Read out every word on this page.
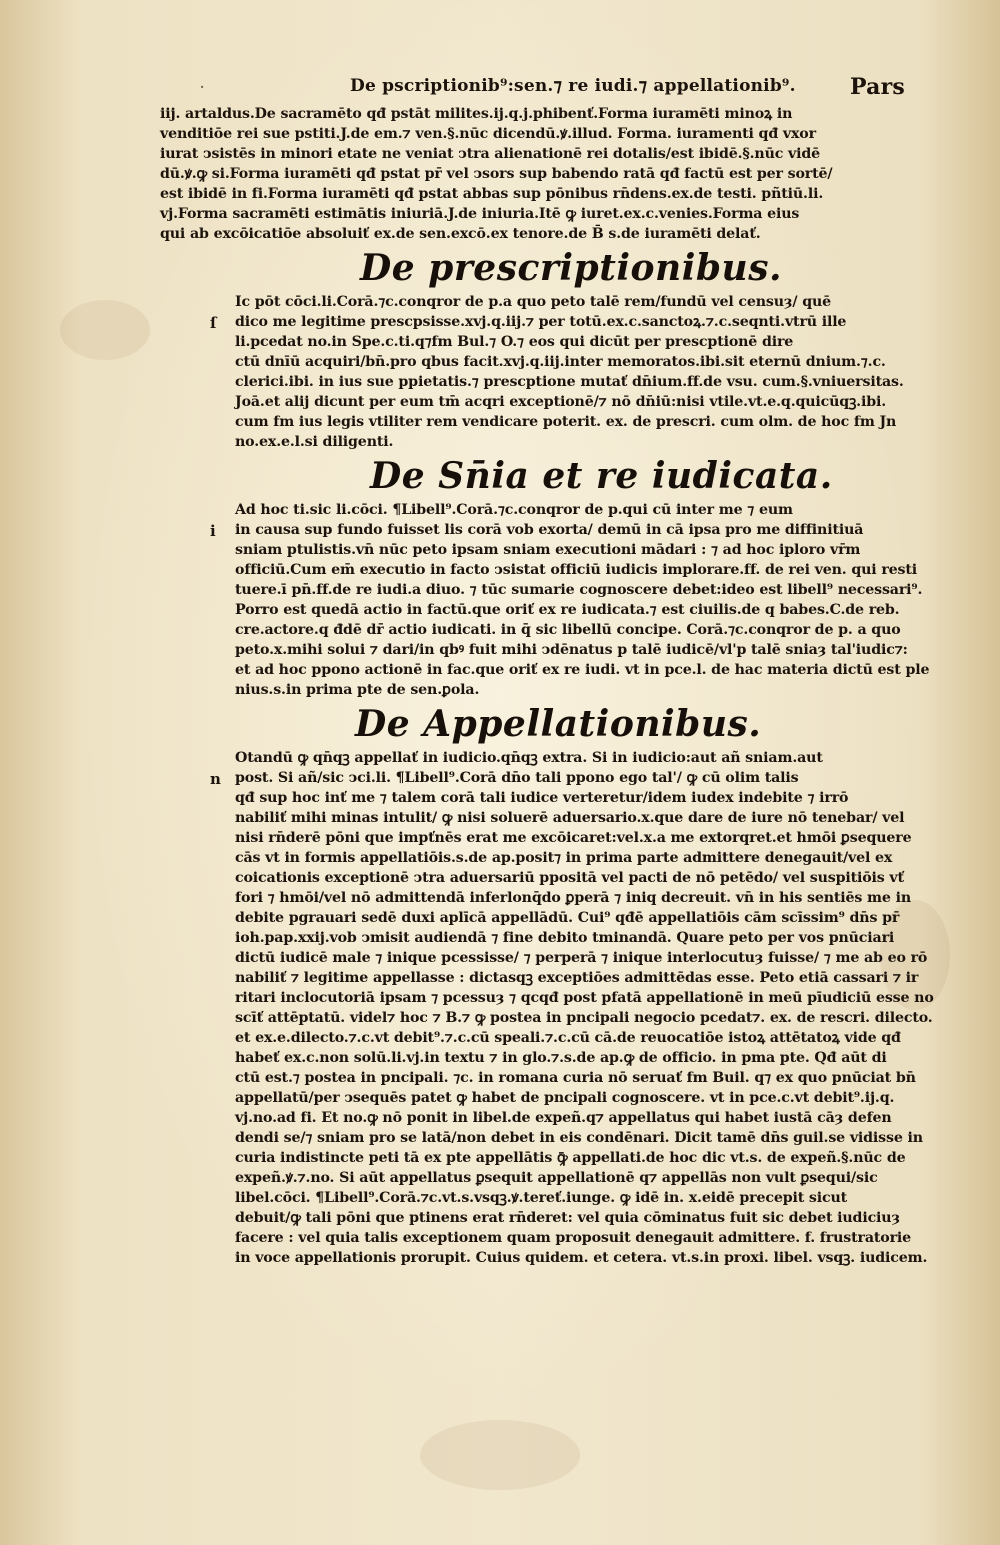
·	De pscriptionib⁹:sen.⁊ re iudi.⁊ appellationib⁹. Pars

iij. artaldus.De sacramēto qđ pstāt milites.ij.q.j.phibenť.Forma iuramēti minoꝝ in

venditiōe rei sue pstiti.J.de em.⁊ ven.§.nūc dicendū.ꝟ.illud. Forma. iuramenti qđ vxor

iurat ↄsistēs in minori etate ne veniat ↄtra alienationē rei dotalis/est ibidē.§.nūc vidē

dū.ꝟ.ꝙ si.Forma iuramēti qđ pstat pr̄ vel ↄsors sup babendo ratā qđ factū est per sortē/

est ibidē in fi.Forma iuramēti qđ pstat abbas sup pōnibus rn̄dens.ex.de testi. pñtiū.li.

vj.Forma sacramēti estimātis iniuriā.J.de iniuria.Itē ꝙ iuret.ex.c.venies.Forma eius

qui ab excōicatiōe absoluiť ex.de sen.excō.ex tenore.de B̄ s.de iuramēti delať.

De prescriptionibus.
ſ

Ic pōt cōci.li.Corā.⁊c.conqror de p.a quo peto talē rem/fundū vel censuȝ/ quē

dico me legitime prescpsisse.xvj.q.iij.⁊ per totū.ex.c.sanctoꝝ.⁊.c.seqnti.vtrū ille

li.pcedat no.in Spe.c.ti.q⁊fm Bul.⁊ O.⁊ eos qui dicūt per prescptionē dire

ctū dnīū acquiri/bn̄.pro qbus facit.xvj.q.iij.inter memoratos.ibi.sit eternū dnium.⁊.c.

clerici.ibi. in ius sue ppietatis.⁊ prescptione mutať dn̄ium.ff.de vsu. cum.§.vniuersitas.

Joā.et alij dicunt per eum tm̄ acqri exceptionē/⁊ nō dn̄iū:nisi vtile.vt.e.q.quicūqꝫ.ibi.

cum fm ius legis vtiliter rem vendicare poterit. ex. de prescri. cum olm. de hoc fm Jn

no.ex.e.l.si diligenti.

De Sn̄ia et re iudicata.
i

Ad hoc ti.sic li.cōci. ¶Libell⁹.Corā.⁊c.conqror de p.qui cū inter me ⁊ eum

in causa sup fundo fuisset lis corā vob exorta/ demū in cā ipsa pro me diffinitiuā

sniam ptulistis.vn̄ nūc peto ipsam sniam executioni mādari : ⁊ ad hoc iploro vr̄m

officiū.Cum em̄ executio in facto ↄsistat officiū iudicis implorare.ff. de rei ven. qui resti

tuere.ī pn̄.ff.de re iudi.a diuo. ⁊ tūc sumarie cognoscere debet:ideo est libell⁹ necessari⁹.

Porro est quedā actio in factū.que oriť ex re iudicata.⁊ est ciuilis.de q babes.C.de reb.

cre.actore.q đdē dr̄ actio iudicati. in q̄ sic libellū concipe. Corā.⁊c.conqror de p. a quo

peto.x.mihi solui ⁊ dari/in qbꝰ fuit mihi ↄdēnatus p talē iudicē/vl'p talē sniaȝ tal'iudic⁊:

et ad hoc ppono actionē in fac.que oriť ex re iudi. vt in pce.l. de hac materia dictū est ple

nius.s.in prima pte de sen.ꝑola.

De Appellationibus.
n

Otandū ꝙ qn̄qꝫ appellať in iudicio.qn̄qꝫ extra. Si in iudicio:aut añ sniam.aut

post. Si añ/sic ↄci.li. ¶Libell⁹.Corā dn̄o tali ppono ego tal'/ ꝙ cū olim talis

qđ sup hoc inť me ⁊ talem corā tali iudice verteretur/idem iudex indebite ⁊ irrō

nabiliť mihi minas intulit/ ꝙ nisi soluerē aduersario.x.que dare de iure nō tenebar/ vel

nisi rn̄derē pōni que impťnēs erat me excōicaret:vel.x.a me extorqret.et hmōi ꝑsequere

cās vt in formis appellatiōis.s.de ap.posit⁊ in prima parte admittere denegauit/vel ex

coicationis exceptionē ↄtra aduersariū ppositā vel pacti de nō petēdo/ vel suspitiōis vť

fori ⁊ hmōi/vel nō admittendā inferlonq̄do ꝑperā ⁊ iniq decreuit. vn̄ in his sentiēs me in

debite pgrauari sedē duxi aplīcā appellādū. Cui⁹ qđē appellatiōis cām scīssim⁹ dn̄s pr̄

ioh.pap.xxij.vob ↄmisit audiendā ⁊ fine debito tminandā. Quare peto per vos pnūciari

dictū iudicē male ⁊ inique pcessisse/ ⁊ perperā ⁊ inique interlocutuȝ fuisse/ ⁊ me ab eo rō

nabiliť ⁊ legitime appellasse : dictasqꝫ exceptiōes admittēdas esse. Peto etiā cassari ⁊ ir

ritari inclocutoriā ipsam ⁊ pcessuȝ ⁊ qcqđ post pfatā appellationē in meū pīudiciū esse no

scīť attēptatū. videl⁊ hoc ⁊ B.⁊ ꝙ postea in pncipali negocio pcedat⁊. ex. de rescri. dilecto.

et ex.e.dilecto.⁊.c.vt debit⁹.⁊.c.cū speali.⁊.c.cū cā.de reuocatiōe istoꝝ attētatoꝝ vide qđ

habeť ex.c.non solū.li.vj.in textu ⁊ in glo.⁊.s.de ap.ꝙ de officio. in pma pte. Qđ aūt di

ctū est.⁊ postea in pncipali. ⁊c. in romana curia nō seruať fm Buil. q⁊ ex quo pnūciat bn̄

appellatū/per ↄsequēs patet ꝙ habet de pncipali cognoscere. vt in pce.c.vt debit⁹.ij.q.

vj.no.ad fi. Et no.ꝙ nō ponit in libel.de expeñ.q⁊ appellatus qui habet iustā cāȝ defen

dendi se/⁊ sniam pro se latā/non debet in eis condēnari. Dicit tamē dn̄s guil.se vidisse in

curia indistincte peti tā ex pte appellātis ꝙ̄ appellati.de hoc dic vt.s. de expeñ.§.nūc de

expeñ.ꝟ.⁊.no. Si aūt appellatus ꝑsequit appellationē q⁊ appellās non vult ꝑsequi/sic

libel.cōci. ¶Libell⁹.Corā.⁊c.vt.s.vsqꝫ.ꝟ.tereť.iunge. ꝙ idē in. x.eidē precepit sicut

debuit/ꝙ tali pōni que ptinens erat rn̄deret: vel quia cōminatus fuit sic debet iudiciuȝ

facere : vel quia talis exceptionem quam proposuit denegauit admittere. f. frustratorie

in voce appellationis prorupit. Cuius quidem. et cetera. vt.s.in proxi. libel. vsqꝫ. iudicem.
